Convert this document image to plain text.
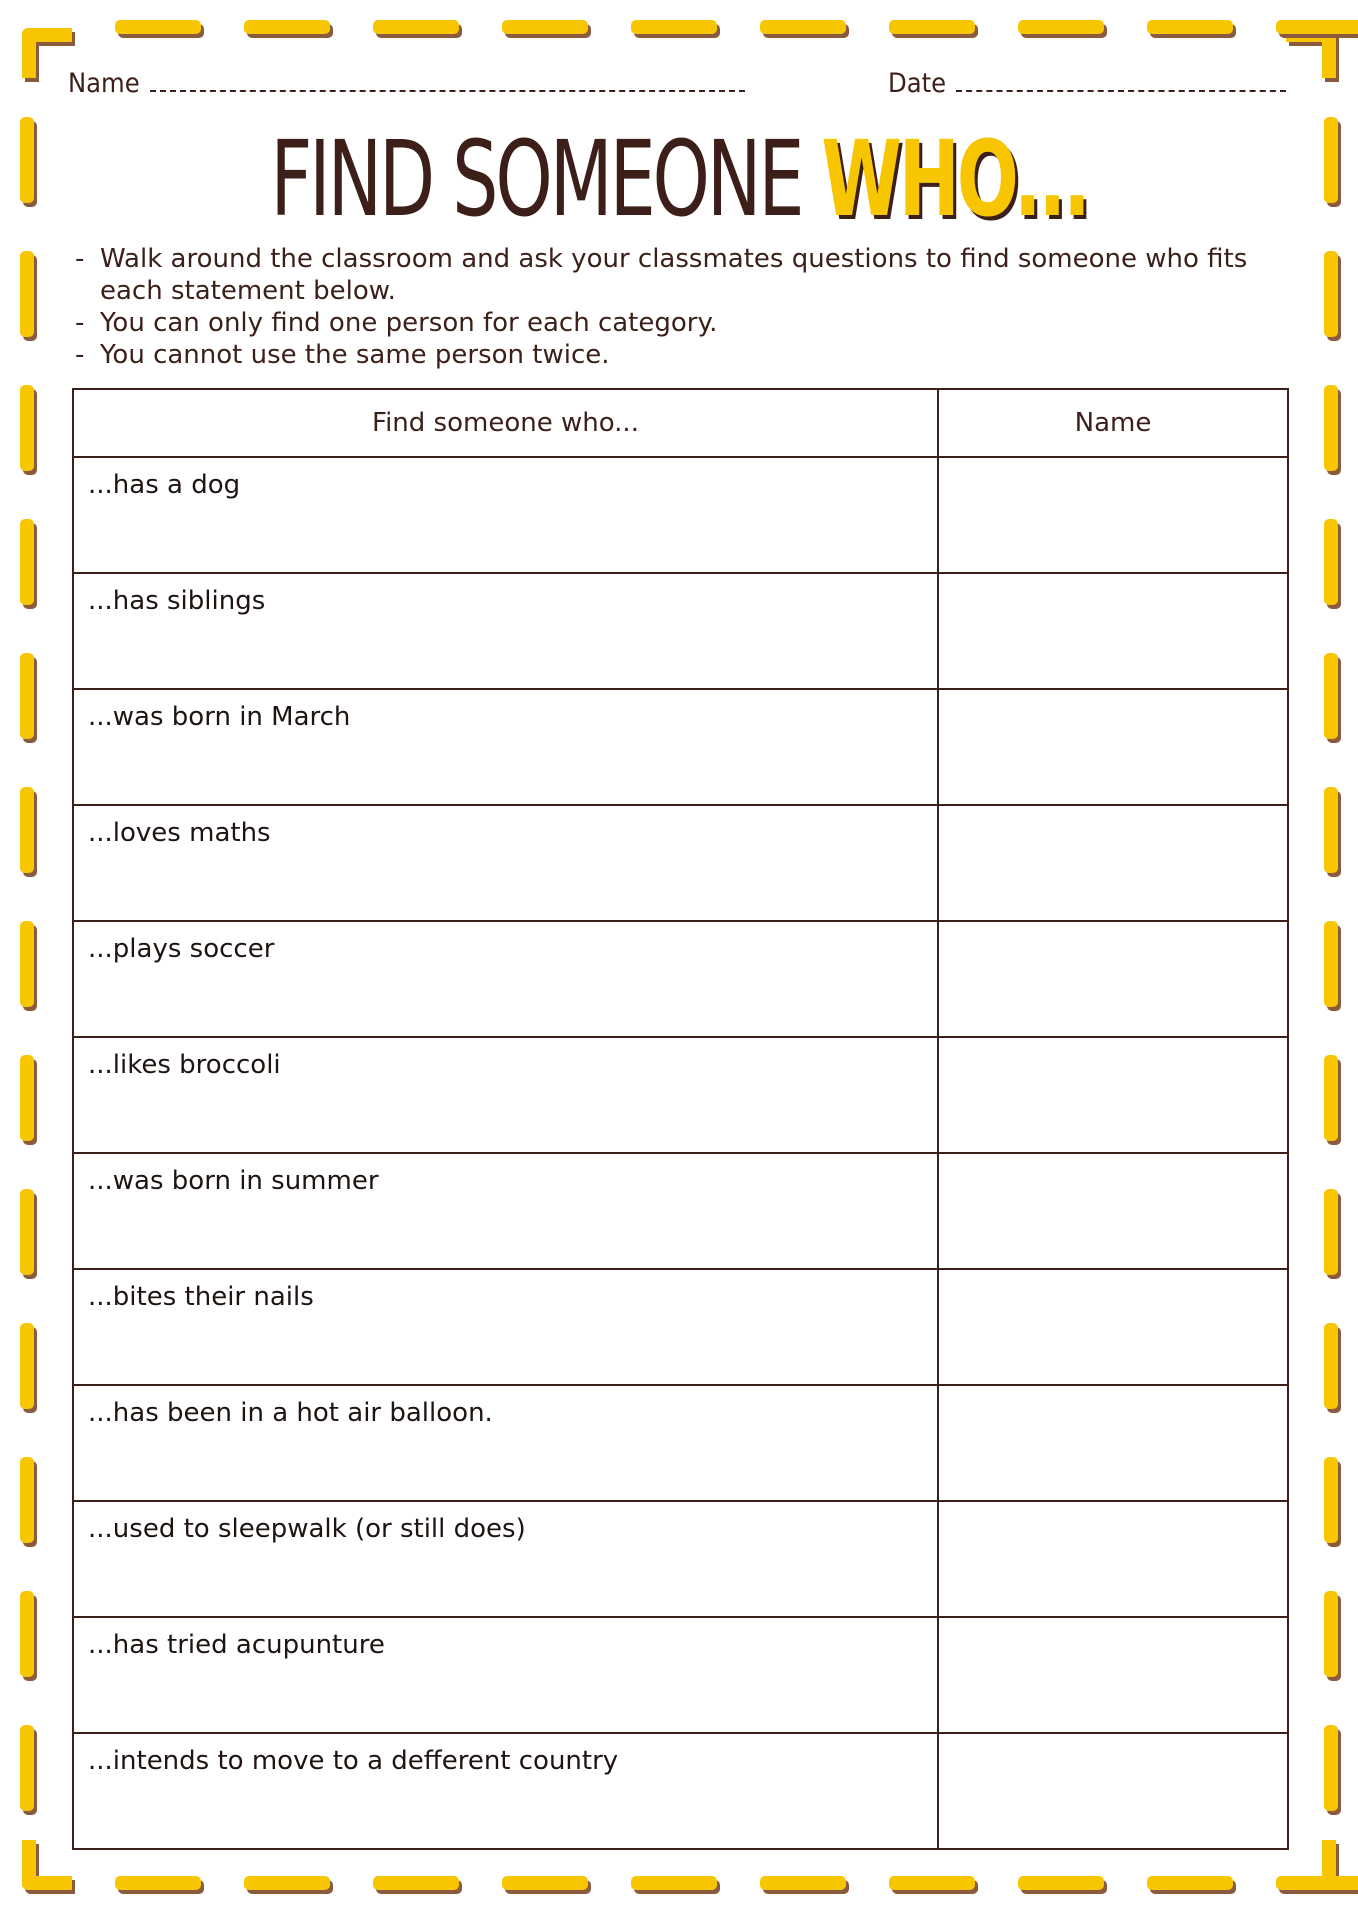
Name	Date
FIND SOMEONE WHO...
- Walk around the classroom and ask your classmates questions to find someone who fits each statement below.
- You can only find one person for each category.
- You cannot use the same person twice.
Find someone who...	Name
...has a dog	
...has siblings	
...was born in March	
...loves maths	
...plays soccer	
...likes broccoli	
...was born in summer	
...bites their nails	
...has been in a hot air balloon.	
...used to sleepwalk (or still does)	
...has tried acupunture	
...intends to move to a defferent country	
